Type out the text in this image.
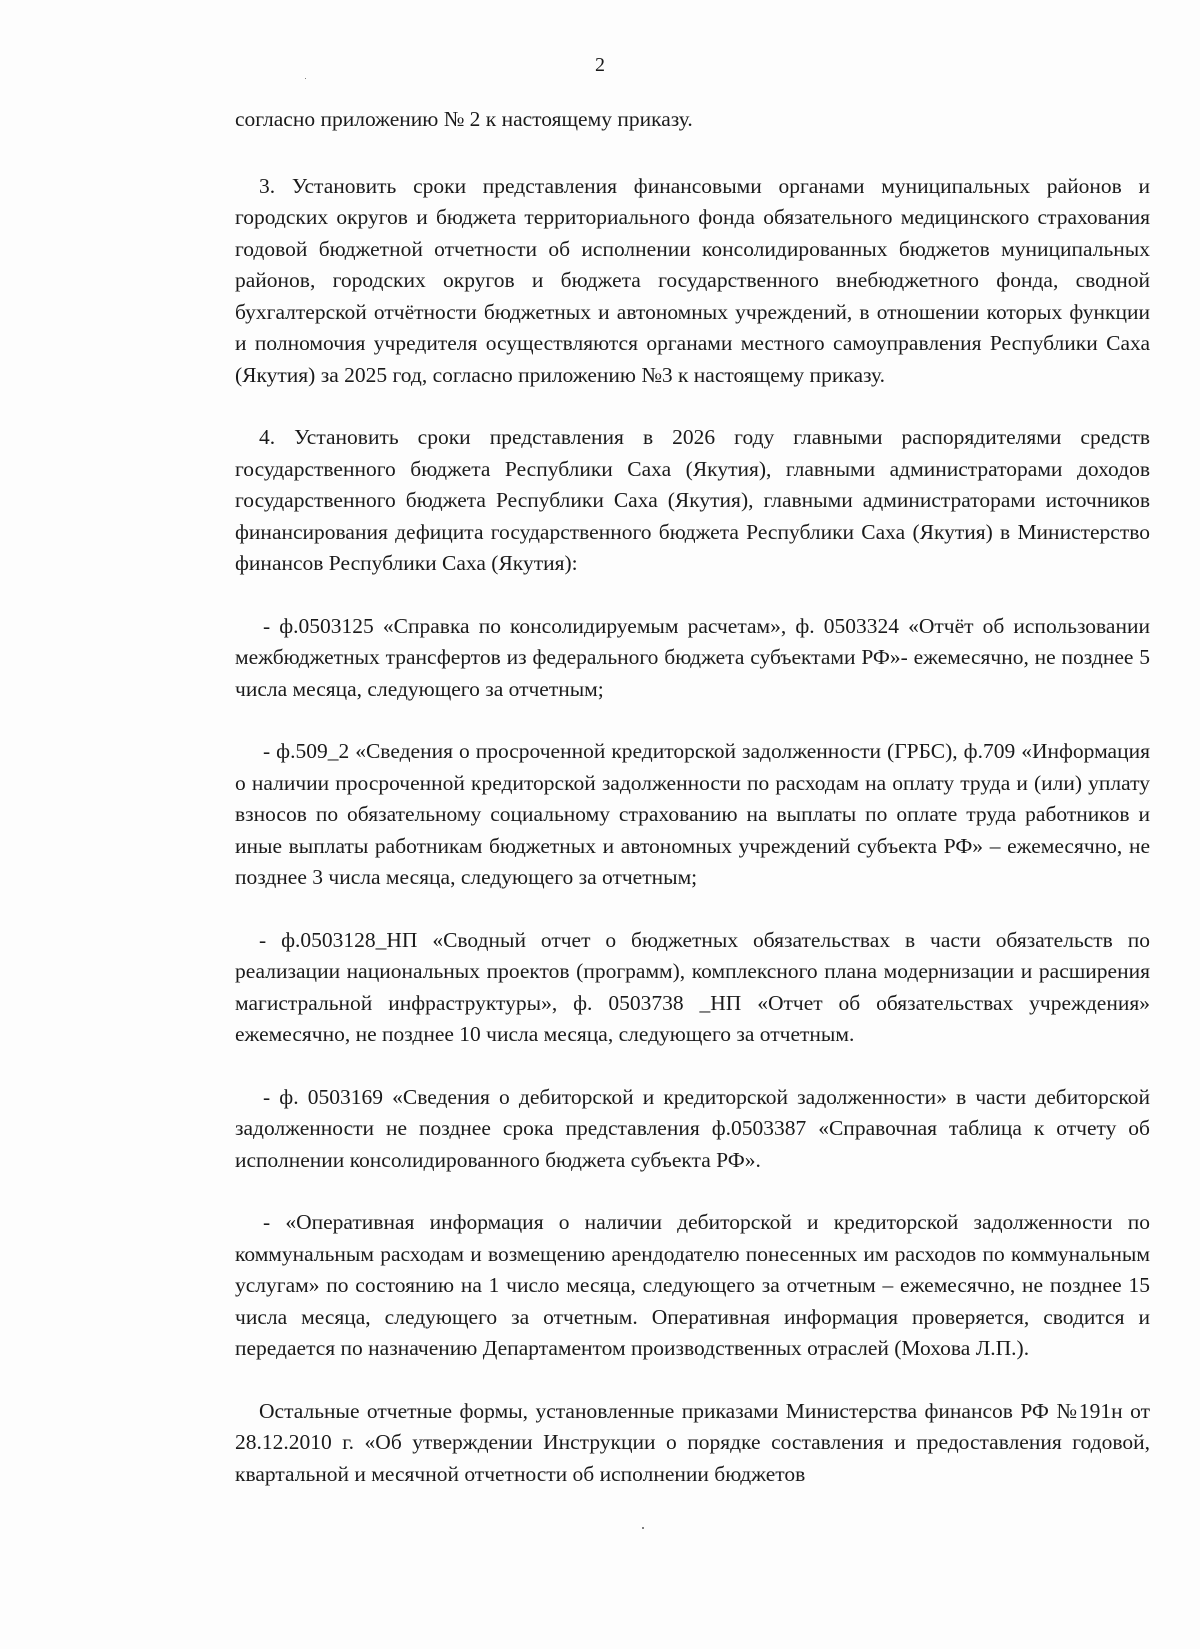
2

согласно приложению № 2 к настоящему приказу.

3. Установить сроки представления финансовыми органами муниципальных районов и городских округов и бюджета территориального фонда обязательного медицинского страхования годовой бюджетной отчетности об исполнении консолидированных бюджетов муниципальных районов, городских округов и бюджета государственного внебюджетного фонда, сводной бухгалтерской отчётности бюджетных и автономных учреждений, в отношении которых функции и полномочия учредителя осуществляются органами местного самоуправления Республики Саха (Якутия) за 2025 год, согласно приложению №3 к настоящему приказу.

4. Установить сроки представления в 2026 году главными распорядителями средств государственного бюджета Республики Саха (Якутия), главными администраторами доходов государственного бюджета Республики Саха (Якутия), главными администраторами источников финансирования дефицита государственного бюджета Республики Саха (Якутия) в Министерство финансов Республики Саха (Якутия):

- ф.0503125 «Справка по консолидируемым расчетам», ф. 0503324 «Отчёт об использовании межбюджетных трансфертов из федерального бюджета субъектами РФ»- ежемесячно, не позднее 5 числа месяца, следующего за отчетным;

- ф.509_2 «Сведения о просроченной кредиторской задолженности (ГРБС), ф.709 «Информация о наличии просроченной кредиторской задолженности по расходам на оплату труда и (или) уплату взносов по обязательному социальному страхованию на выплаты по оплате труда работников и иные выплаты работникам бюджетных и автономных учреждений субъекта РФ» – ежемесячно, не позднее 3 числа месяца, следующего за отчетным;

- ф.0503128_НП «Сводный отчет о бюджетных обязательствах в части обязательств по реализации национальных проектов (программ), комплексного плана модернизации и расширения магистральной инфраструктуры», ф. 0503738 _НП «Отчет об обязательствах учреждения» ежемесячно, не позднее 10 числа месяца, следующего за отчетным.

- ф. 0503169 «Сведения о дебиторской и кредиторской задолженности» в части дебиторской задолженности не позднее срока представления ф.0503387 «Справочная таблица к отчету об исполнении консолидированного бюджета субъекта РФ».

- «Оперативная информация о наличии дебиторской и кредиторской задолженности по коммунальным расходам и возмещению арендодателю понесенных им расходов по коммунальным услугам» по состоянию на 1 число месяца, следующего за отчетным – ежемесячно, не позднее 15 числа месяца, следующего за отчетным. Оперативная информация проверяется, сводится и передается по назначению Департаментом производственных отраслей (Мохова Л.П.).

Остальные отчетные формы, установленные приказами Министерства финансов РФ №191н от 28.12.2010 г. «Об утверждении Инструкции о порядке составления и предоставления годовой, квартальной и месячной отчетности об исполнении бюджетов
